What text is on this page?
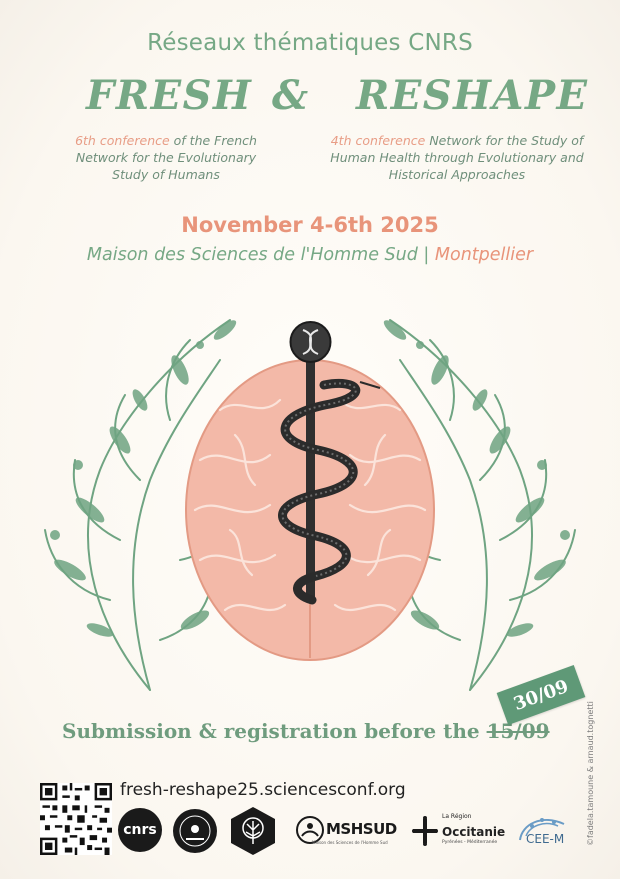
Réseaux thématiques CNRS
FRESH & RESHAPE
6th conference of the French Network for the Evolutionary Study of Humans
4th conference Network for the Study of Human Health through Evolutionary and Historical Approaches
November 4-6th 2025
Maison des Sciences de l'Homme Sud | Montpellier
Submission & registration before the 15/09
30/09
©fadela.tamoune & arnaud.tognetti
fresh-reshape25.sciencesconf.org
cnrs	MSHSUD
Maison des Sciences de l'Homme Sud
La Région
Occitanie
Pyrénées - Méditerranée CEE-M
